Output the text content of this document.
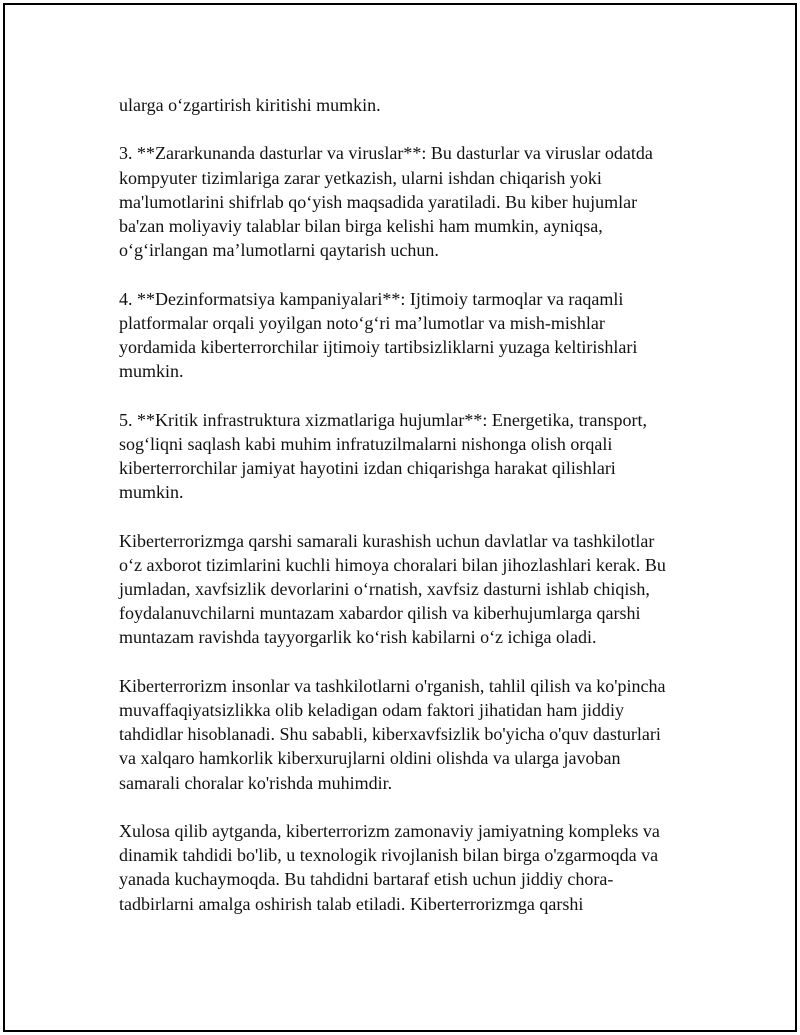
ularga o‘zgartirish kiritishi mumkin.

3. **Zararkunanda dasturlar va viruslar**: Bu dasturlar va viruslar odatda
kompyuter tizimlariga zarar yetkazish, ularni ishdan chiqarish yoki
ma'lumotlarini shifrlab qo‘yish maqsadida yaratiladi. Bu kiber hujumlar
ba'zan moliyaviy talablar bilan birga kelishi ham mumkin, ayniqsa,
o‘g‘irlangan ma’lumotlarni qaytarish uchun.

4. **Dezinformatsiya kampaniyalari**: Ijtimoiy tarmoqlar va raqamli
platformalar orqali yoyilgan noto‘g‘ri ma’lumotlar va mish-mishlar
yordamida kiberterrorchilar ijtimoiy tartibsizliklarni yuzaga keltirishlari
mumkin.

5. **Kritik infrastruktura xizmatlariga hujumlar**: Energetika, transport,
sog‘liqni saqlash kabi muhim infratuzilmalarni nishonga olish orqali
kiberterrorchilar jamiyat hayotini izdan chiqarishga harakat qilishlari
mumkin.

Kiberterrorizmga qarshi samarali kurashish uchun davlatlar va tashkilotlar
o‘z axborot tizimlarini kuchli himoya choralari bilan jihozlashlari kerak. Bu
jumladan, xavfsizlik devorlarini o‘rnatish, xavfsiz dasturni ishlab chiqish,
foydalanuvchilarni muntazam xabardor qilish va kiberhujumlarga qarshi
muntazam ravishda tayyorgarlik ko‘rish kabilarni o‘z ichiga oladi.

Kiberterrorizm insonlar va tashkilotlarni o'rganish, tahlil qilish va ko'pincha
muvaffaqiyatsizlikka olib keladigan odam faktori jihatidan ham jiddiy
tahdidlar hisoblanadi. Shu sababli, kiberxavfsizlik bo'yicha o'quv dasturlari
va xalqaro hamkorlik kiberxurujlarni oldini olishda va ularga javoban
samarali choralar ko'rishda muhimdir.

Xulosa qilib aytganda, kiberterrorizm zamonaviy jamiyatning kompleks va
dinamik tahdidi bo'lib, u texnologik rivojlanish bilan birga o'zgarmoqda va
yanada kuchaymoqda. Bu tahdidni bartaraf etish uchun jiddiy chora-
tadbirlarni amalga oshirish talab etiladi. Kiberterrorizmga qarshi
